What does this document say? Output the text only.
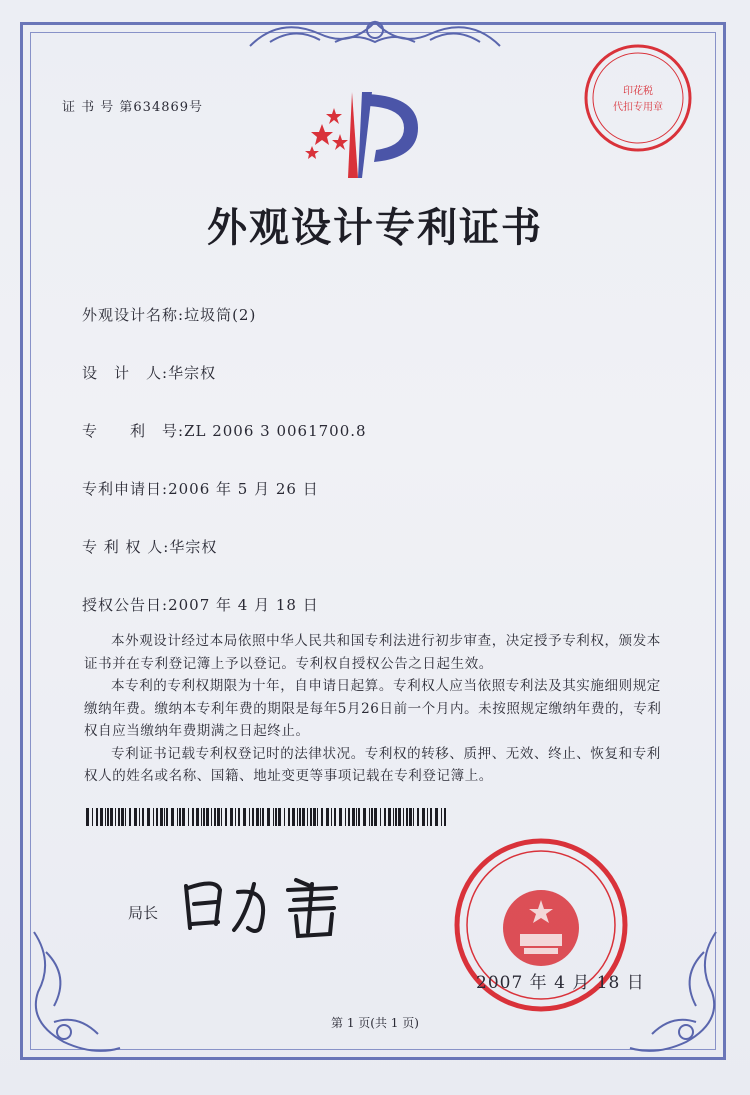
证 书 号 第634869号
印花税
代扣专用章
外观设计专利证书
外观设计名称:垃圾筒(2)
设　计　人:华宗权
专　　利　号:ZL 2006 3 0061700.8
专利申请日:2006 年 5 月 26 日
专 利 权 人:华宗权
授权公告日:2007 年 4 月 18 日

本外观设计经过本局依照中华人民共和国专利法进行初步审查，决定授予专利权，颁发本证书并在专利登记簿上予以登记。专利权自授权公告之日起生效。

本专利的专利权期限为十年，自申请日起算。专利权人应当依照专利法及其实施细则规定缴纳年费。缴纳本专利年费的期限是每年5月26日前一个月内。未按照规定缴纳年费的，专利权自应当缴纳年费期满之日起终止。

专利证书记载专利权登记时的法律状况。专利权的转移、质押、无效、终止、恢复和专利权人的姓名或名称、国籍、地址变更等事项记载在专利登记簿上。

局长
2007 年 4 月 18 日
第 1 页(共 1 页)
